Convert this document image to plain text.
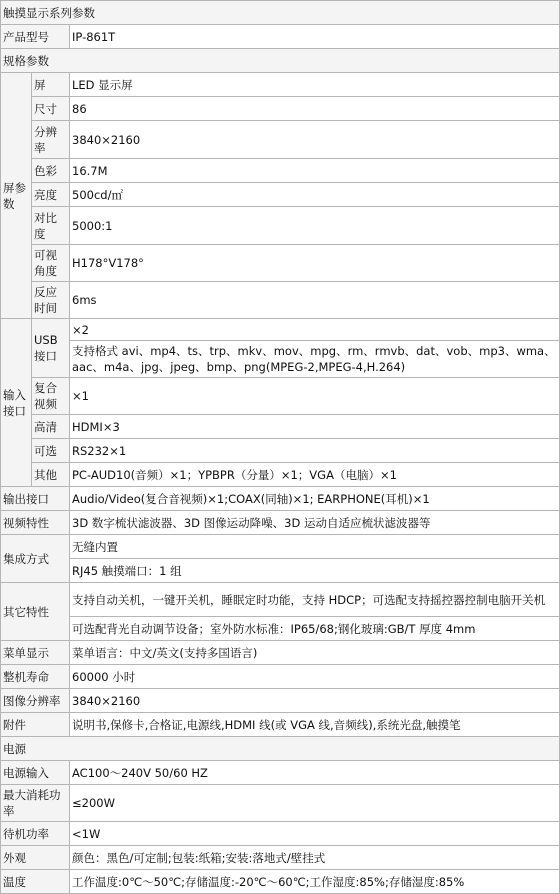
触摸显示系列参数		
产品型号		IP-861T
规格参数		
屏参数	屏	LED 显示屏
	尺寸	86
	分辨率	3840×2160
	色彩	16.7M
	亮度	500cd/㎡
	对比度	5000:1
	可视角度	H178°V178°
	反应时间	6ms
输入接口	USB 接口	×2
		支持格式 avi、mp4、ts、trp、mkv、mov、mpg、rm、rmvb、dat、vob、mp3、wma、aac、m4a、jpg、jpeg、bmp、png(MPEG-2,MPEG-4,H.264)
	复合视频	×1
	高清	HDMI×3
	可选	RS232×1
	其他	PC-AUD10(音频）×1；YPBPR（分量）×1；VGA（电脑）×1
输出接口		Audio/Video(复合音视频)×1;COAX(同轴)×1; EARPHONE(耳机)×1
视频特性		3D 数字梳状滤波器、3D 图像运动降噪、3D 运动自适应梳状滤波器等
集成方式		无缝内置
		RJ45 触摸端口：1 组
其它特性		支持自动关机，一键开关机，睡眠定时功能，支持 HDCP；可选配支持摇控器控制电脑开关机
		可选配背光自动调节设备；室外防水标准：IP65/68;钢化玻璃:GB/T 厚度 4mm
菜单显示		菜单语言：中文/英文(支持多国语言)
整机寿命		60000 小时
图像分辨率		3840×2160
附件		说明书,保修卡,合格证,电源线,HDMI 线(或 VGA 线,音频线),系统光盘,触摸笔
电源		
电源输入		AC100～240V 50/60 HZ
最大消耗功率		≤200W
待机功率		<1W
外观		颜色：黑色/可定制;包装:纸箱;安装:落地式/壁挂式
温度		工作温度:0℃～50℃;存储温度:-20℃～60℃;工作湿度:85%;存储湿度:85%
